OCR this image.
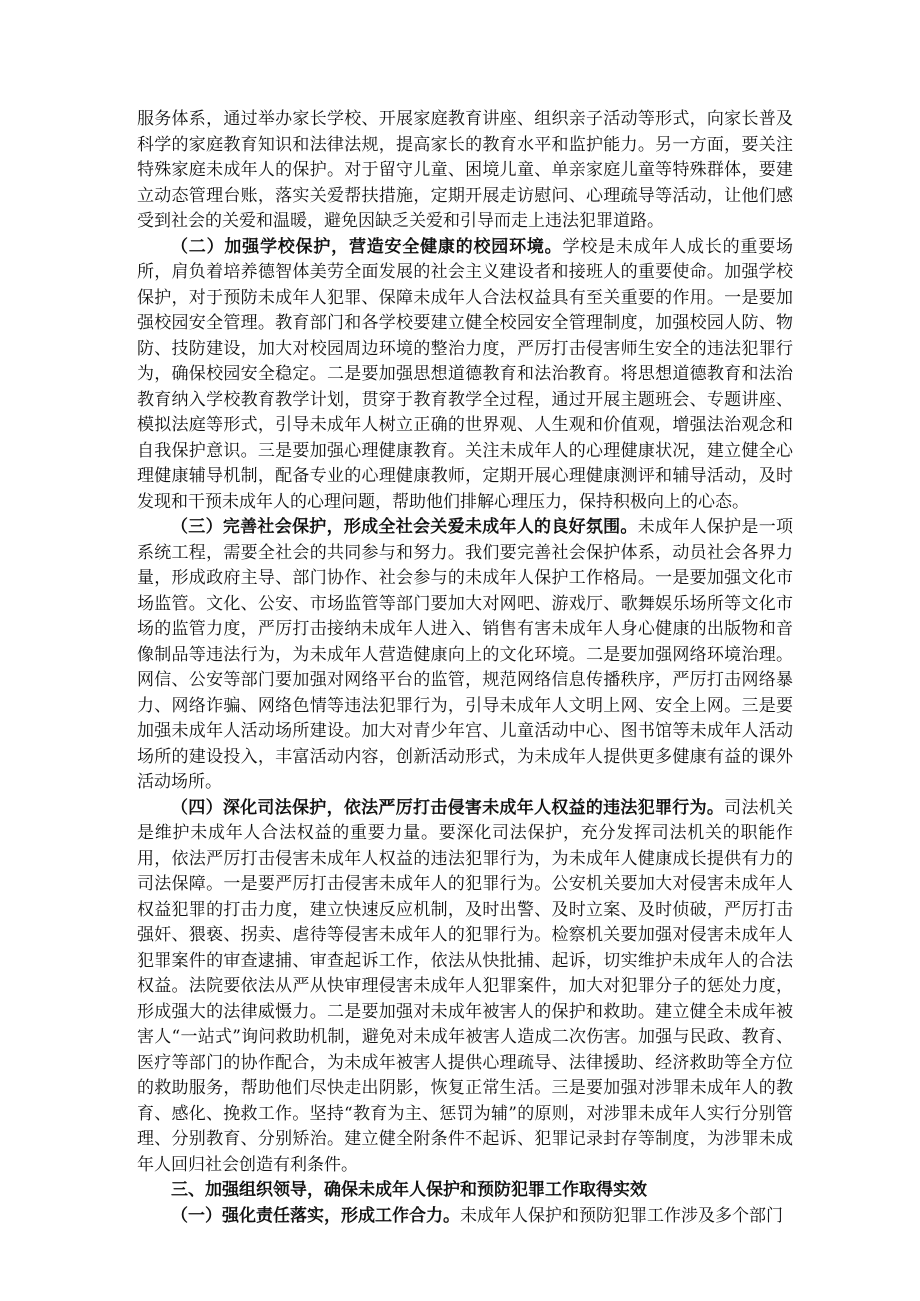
服务体系，通过举办家长学校、开展家庭教育讲座、组织亲子活动等形式，向家长普及科学的家庭教育知识和法律法规，提高家长的教育水平和监护能力。另一方面，要关注特殊家庭未成年人的保护。对于留守儿童、困境儿童、单亲家庭儿童等特殊群体，要建立动态管理台账，落实关爱帮扶措施，定期开展走访慰问、心理疏导等活动，让他们感受到社会的关爱和温暖，避免因缺乏关爱和引导而走上违法犯罪道路。

（二）加强学校保护，营造安全健康的校园环境。学校是未成年人成长的重要场所，肩负着培养德智体美劳全面发展的社会主义建设者和接班人的重要使命。加强学校保护，对于预防未成年人犯罪、保障未成年人合法权益具有至关重要的作用。一是要加强校园安全管理。教育部门和各学校要建立健全校园安全管理制度，加强校园人防、物防、技防建设，加大对校园周边环境的整治力度，严厉打击侵害师生安全的违法犯罪行为，确保校园安全稳定。二是要加强思想道德教育和法治教育。将思想道德教育和法治教育纳入学校教育教学计划，贯穿于教育教学全过程，通过开展主题班会、专题讲座、模拟法庭等形式，引导未成年人树立正确的世界观、人生观和价值观，增强法治观念和自我保护意识。三是要加强心理健康教育。关注未成年人的心理健康状况，建立健全心理健康辅导机制，配备专业的心理健康教师，定期开展心理健康测评和辅导活动，及时发现和干预未成年人的心理问题，帮助他们排解心理压力，保持积极向上的心态。

（三）完善社会保护，形成全社会关爱未成年人的良好氛围。未成年人保护是一项系统工程，需要全社会的共同参与和努力。我们要完善社会保护体系，动员社会各界力量，形成政府主导、部门协作、社会参与的未成年人保护工作格局。一是要加强文化市场监管。文化、公安、市场监管等部门要加大对网吧、游戏厅、歌舞娱乐场所等文化市场的监管力度，严厉打击接纳未成年人进入、销售有害未成年人身心健康的出版物和音像制品等违法行为，为未成年人营造健康向上的文化环境。二是要加强网络环境治理。网信、公安等部门要加强对网络平台的监管，规范网络信息传播秩序，严厉打击网络暴力、网络诈骗、网络色情等违法犯罪行为，引导未成年人文明上网、安全上网。三是要加强未成年人活动场所建设。加大对青少年宫、儿童活动中心、图书馆等未成年人活动场所的建设投入，丰富活动内容，创新活动形式，为未成年人提供更多健康有益的课外活动场所。

（四）深化司法保护，依法严厉打击侵害未成年人权益的违法犯罪行为。司法机关是维护未成年人合法权益的重要力量。要深化司法保护，充分发挥司法机关的职能作用，依法严厉打击侵害未成年人权益的违法犯罪行为，为未成年人健康成长提供有力的司法保障。一是要严厉打击侵害未成年人的犯罪行为。公安机关要加大对侵害未成年人权益犯罪的打击力度，建立快速反应机制，及时出警、及时立案、及时侦破，严厉打击强奸、猥亵、拐卖、虐待等侵害未成年人的犯罪行为。检察机关要加强对侵害未成年人犯罪案件的审查逮捕、审查起诉工作，依法从快批捕、起诉，切实维护未成年人的合法权益。法院要依法从严从快审理侵害未成年人犯罪案件，加大对犯罪分子的惩处力度，形成强大的法律威慑力。二是要加强对未成年被害人的保护和救助。建立健全未成年被害人“一站式”询问救助机制，避免对未成年被害人造成二次伤害。加强与民政、教育、医疗等部门的协作配合，为未成年被害人提供心理疏导、法律援助、经济救助等全方位的救助服务，帮助他们尽快走出阴影，恢复正常生活。三是要加强对涉罪未成年人的教育、感化、挽救工作。坚持“教育为主、惩罚为辅”的原则，对涉罪未成年人实行分别管理、分别教育、分别矫治。建立健全附条件不起诉、犯罪记录封存等制度，为涉罪未成年人回归社会创造有利条件。

三、加强组织领导，确保未成年人保护和预防犯罪工作取得实效

（一）强化责任落实，形成工作合力。未成年人保护和预防犯罪工作涉及多个部门
